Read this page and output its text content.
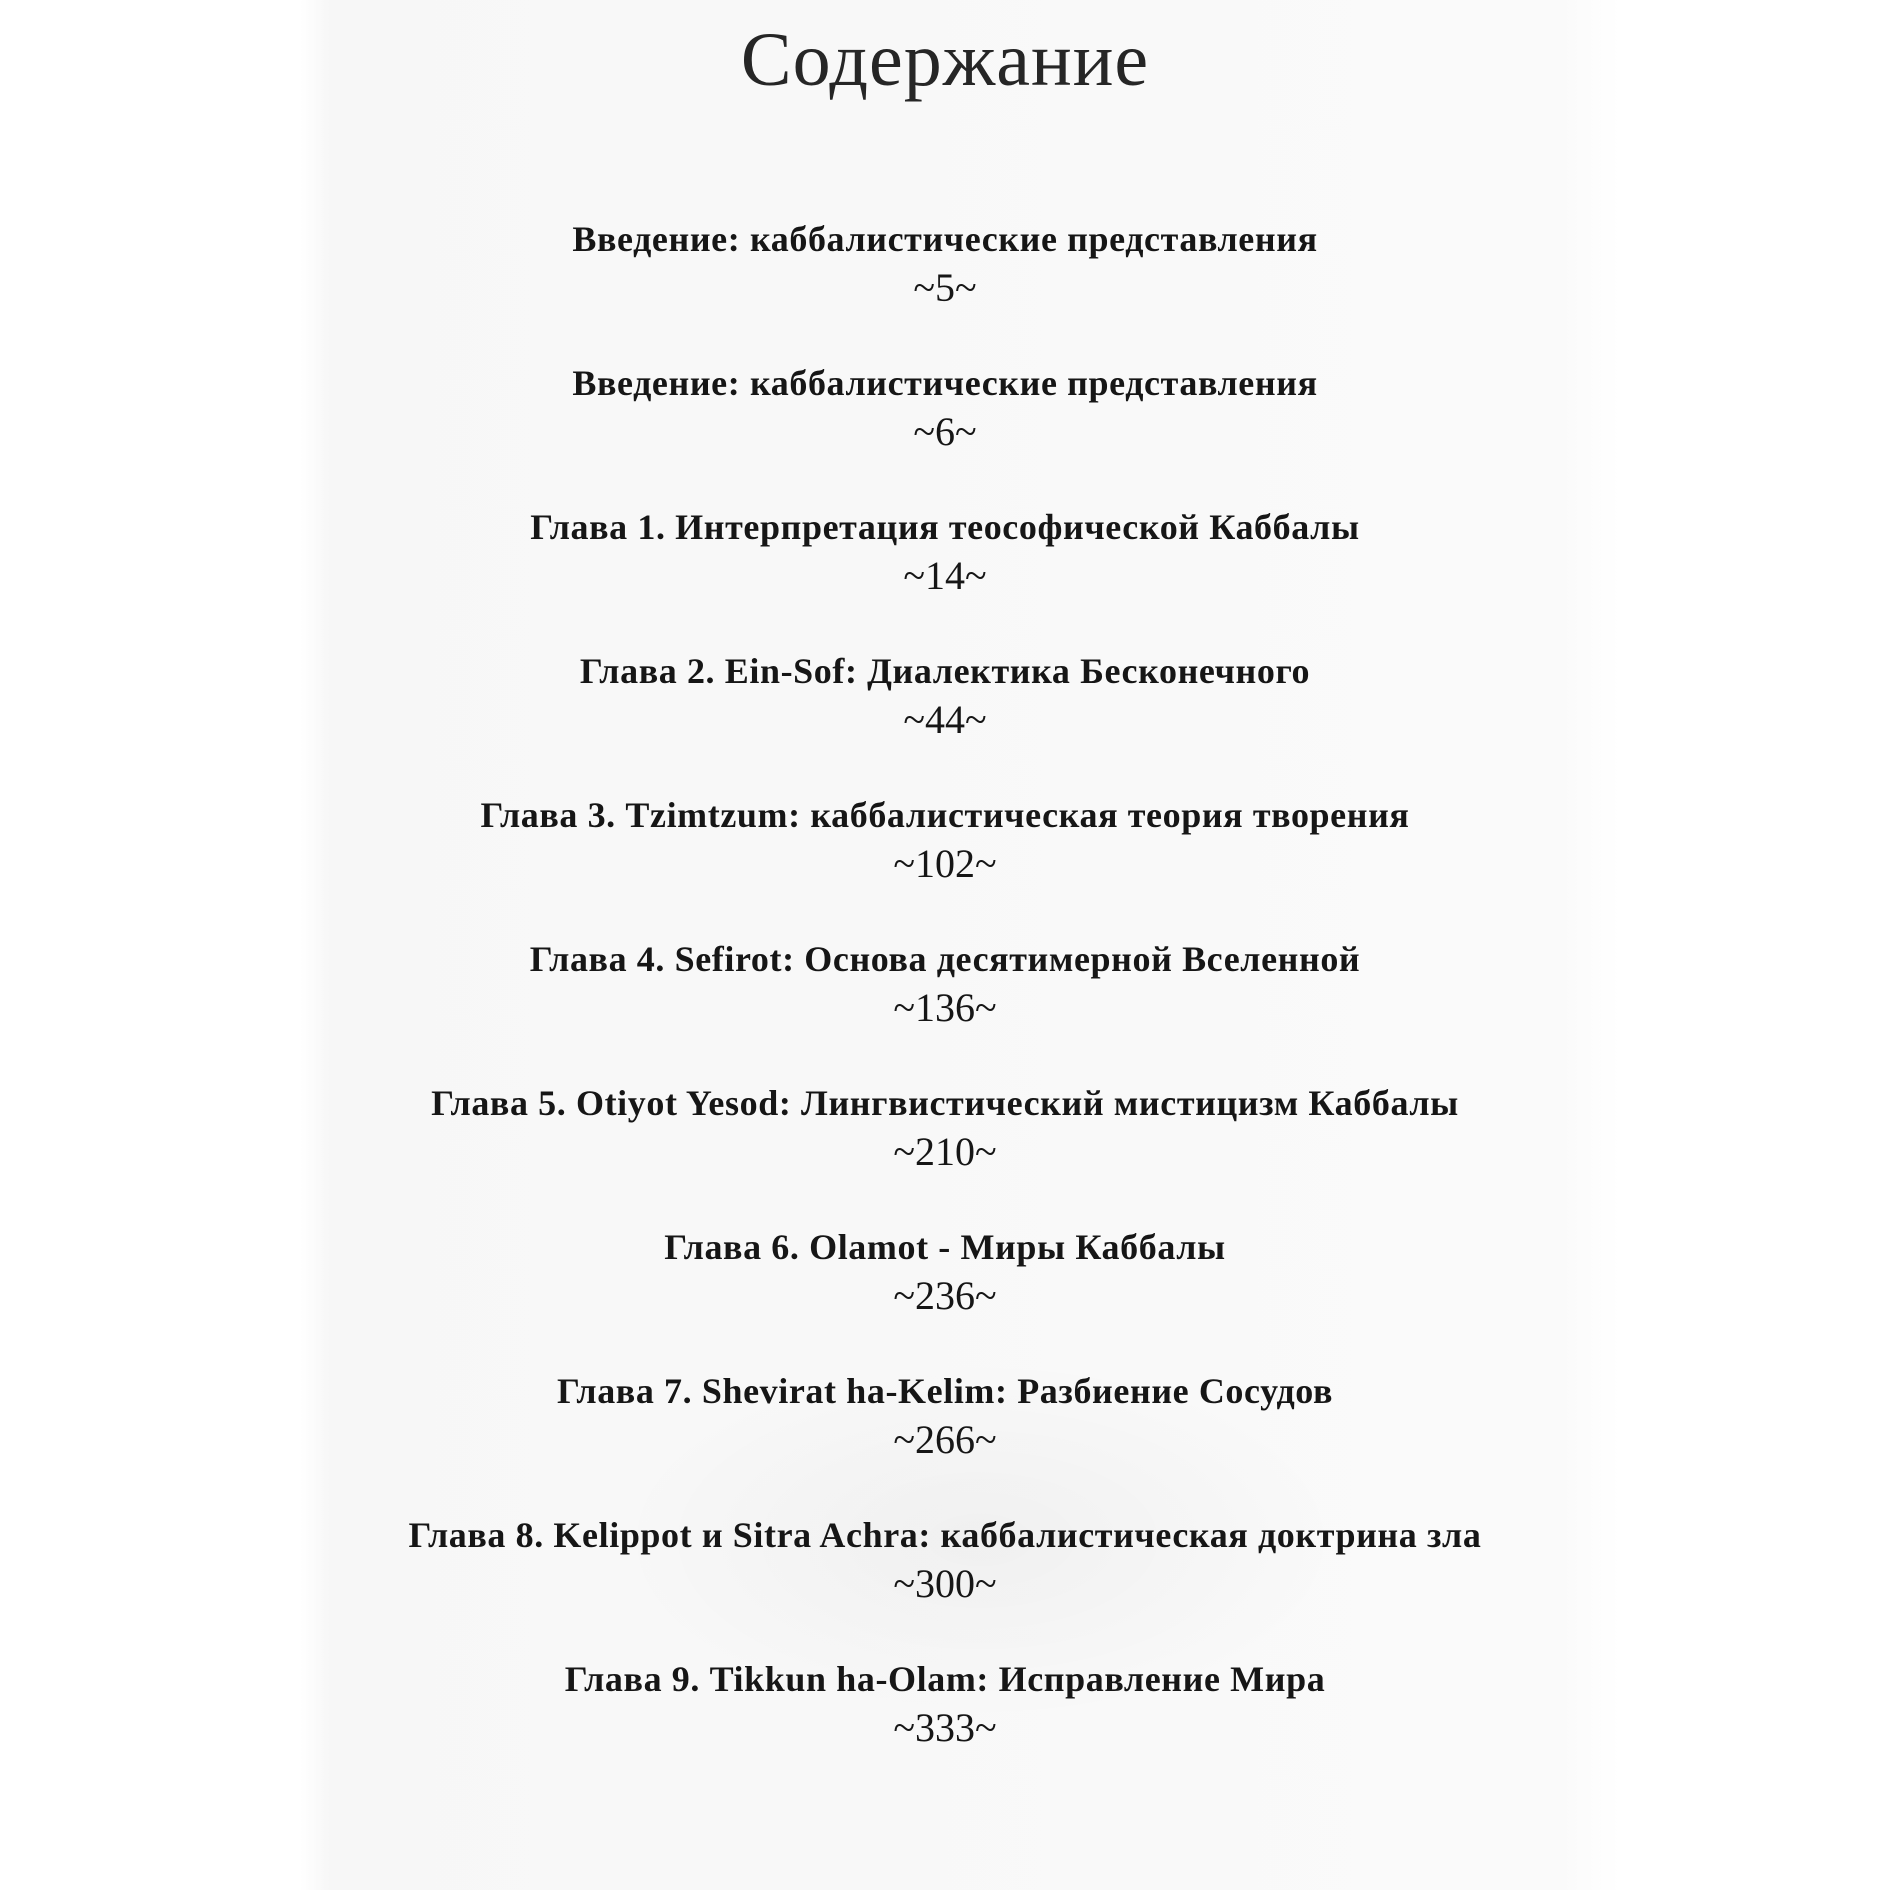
Содержание
Введение: каббалистические представления
~5~
Введение: каббалистические представления
~6~
Глава 1. Интерпретация теософической Каббалы
~14~
Глава 2. Ein-Sof: Диалектика Бесконечного
~44~
Глава 3. Tzimtzum: каббалистическая теория творения
~102~
Глава 4. Sefirot: Основа десятимерной Вселенной
~136~
Глава 5. Otiyot Yesod: Лингвистический мистицизм Каббалы
~210~
Глава 6. Olamot - Миры Каббалы
~236~
Глава 7. Shevirat ha-Kelim: Разбиение Сосудов
~266~
Глава 8. Kelippot и Sitra Achra: каббалистическая доктрина зла
~300~
Глава 9. Tikkun ha-Olam: Исправление Мира
~333~
